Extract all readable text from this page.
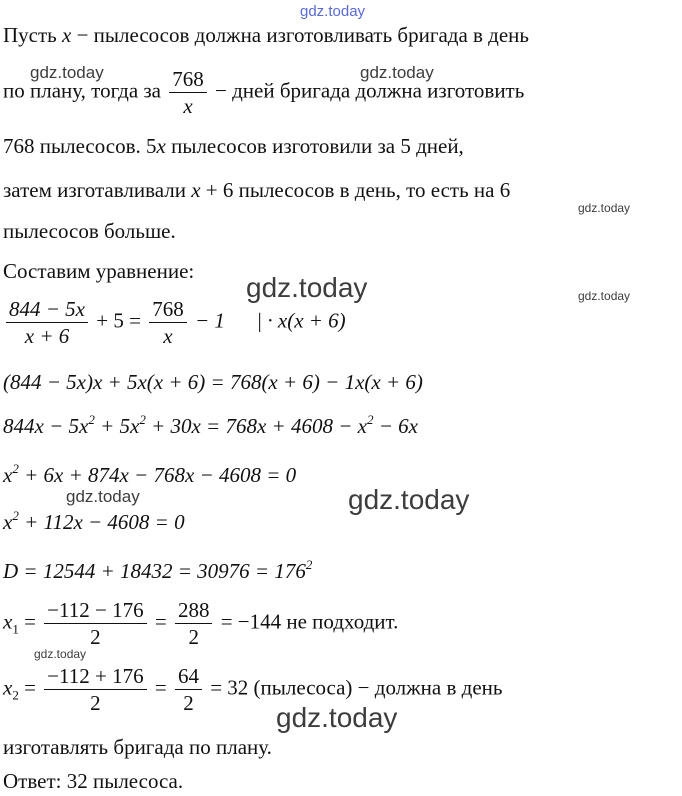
Пусть x − пылесосов должна изготовливать бригада в день
по плану, тогда за $\frac{768}{x}$ − дней бригада должна изготовить
768 пылесосов. 5x пылесосов изготовили за 5 дней,
затем изготавливали x + 6 пылесосов в день, то есть на 6
пылесосов больше.
Составим уравнение:
$\frac{844 - 5x}{x + 6} + 5 = \frac{768}{x} - 1$      | · x(x + 6)
(844 − 5x)x + 5x(x + 6) = 768(x + 6) − 1x(x + 6)
$844x - 5x^2 + 5x^2 + 30x = 768x + 4608 - x^2 - 6x$
$x^2 + 6x + 874x - 768x - 4608 = 0$
$x^2 + 112x - 4608 = 0$
$D = 12544 + 18432 = 30976 = 176^2$
$x_1 = \frac{-112 - 176}{2} = \frac{288}{2} = -144$ не подходит.
$x_2 = \frac{-112 + 176}{2} = \frac{64}{2} = 32$ (пылесоса) − должна в день
изготавлять бригада по плану.
Ответ: 32 пылесоса.
gdz.today
gdz.today	gdz.today
gdz.today
gdz.today	gdz.today
gdz.today	gdz.today
gdz.today
gdz.today
